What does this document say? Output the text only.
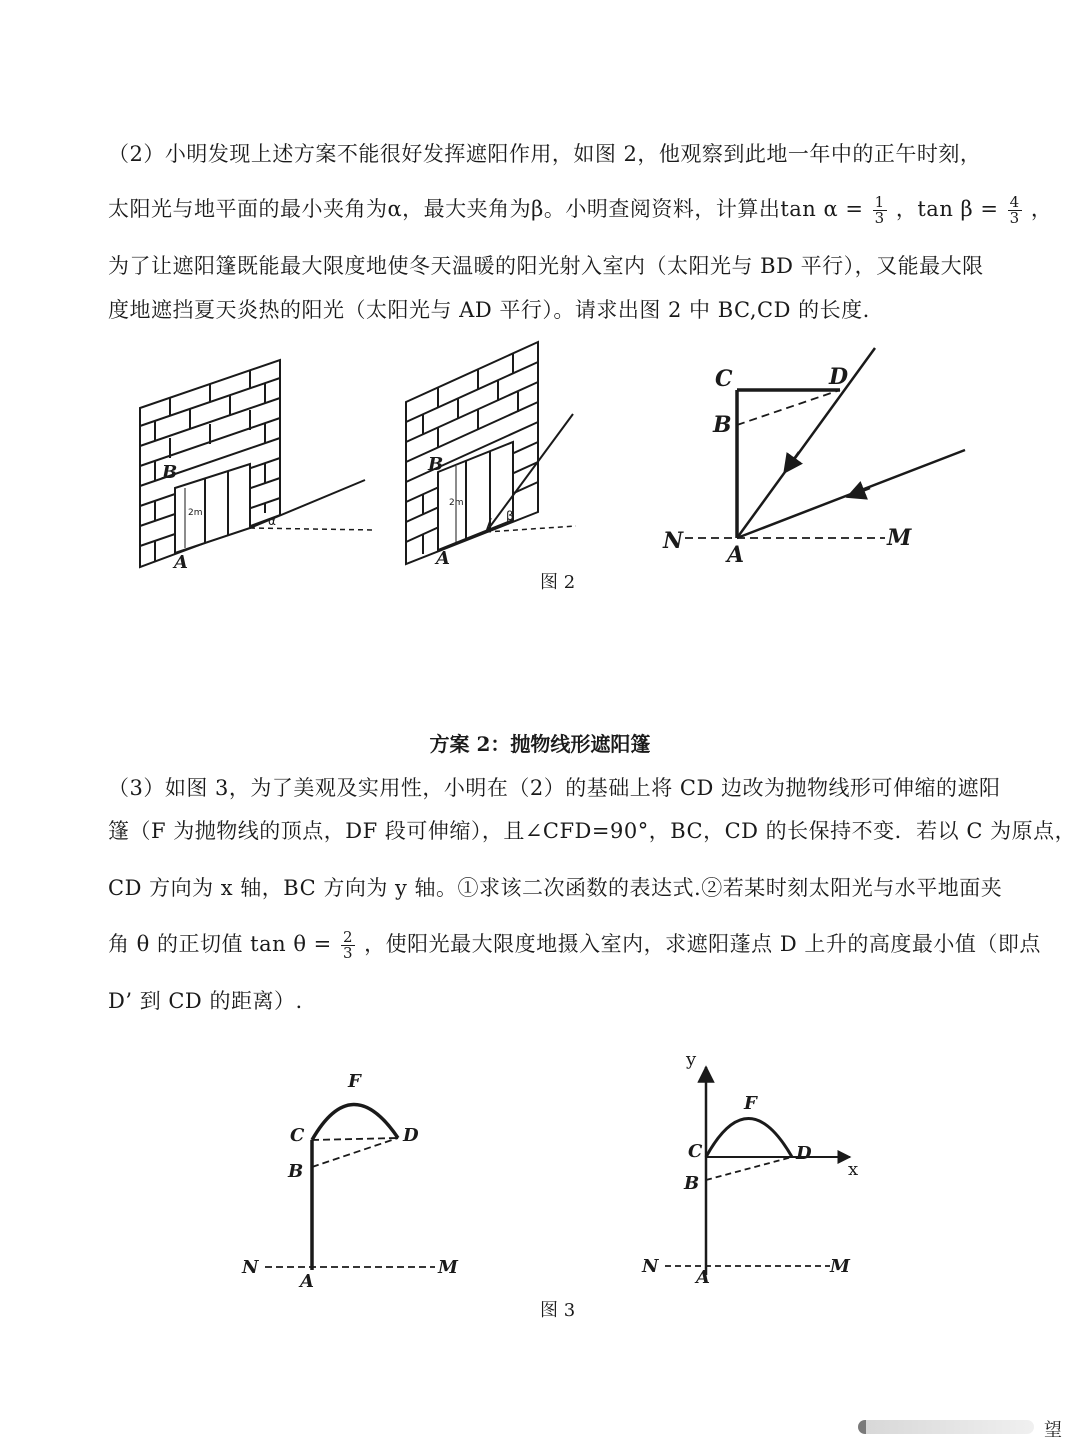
（2）小明发现上述方案不能很好发挥遮阳作用，如图 2，他观察到此地一年中的正午时刻，
太阳光与地平面的最小夹角为α，最大夹角为β。小明查阅资料，计算出$\tan \alpha = \frac{1}{3}$ ，$\tan \beta = \frac{4}{3}$ ，
为了让遮阳篷既能最大限度地使冬天温暖的阳光射入室内（太阳光与 BD 平行），又能最大限
度地遮挡夏天炎热的阳光（太阳光与 AD 平行）。请求出图 2 中 BC,CD 的长度.
B
A
2m
α
B
A
2m
β
C	D
B
N
A
M
图 2
方案 2：抛物线形遮阳篷
（3）如图 3，为了美观及实用性，小明在（2）的基础上将 CD 边改为抛物线形可伸缩的遮阳
篷（F 为抛物线的顶点，DF 段可伸缩），且∠CFD=90°，BC，CD 的长保持不变．若以 C 为原点，
CD 方向为 x 轴，BC 方向为 y 轴。①求该二次函数的表达式.②若某时刻太阳光与水平地面夹
角 θ 的正切值 $\tan \theta = \frac{2}{3}$ ，使阳光最大限度地摄入室内，求遮阳蓬点 D 上升的高度最小值（即点
D’ 到 CD 的距离）.
F
C	D
B
N
A
M
y
x
F
C	D
B
N
A
M
图 3
望
